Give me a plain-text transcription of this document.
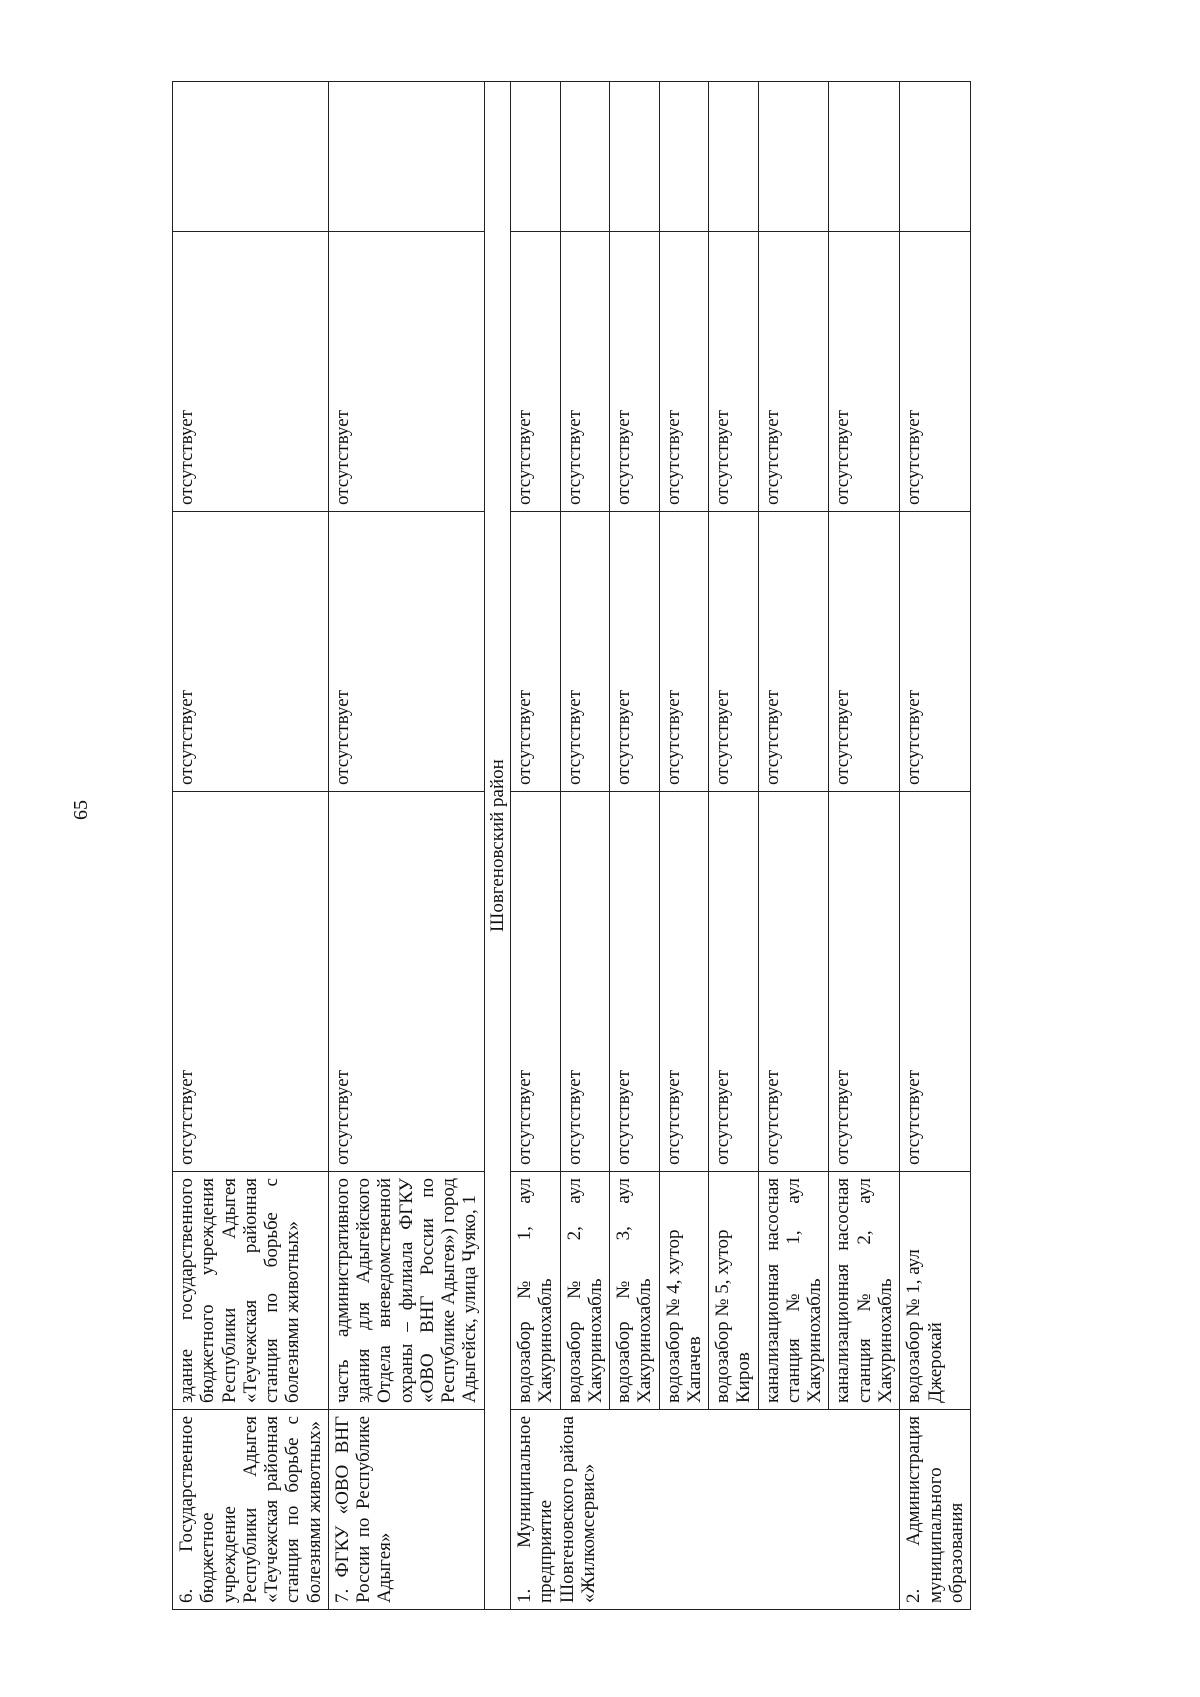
65
6. Государственное бюджетное учреждение Республики Адыгея «Теучежская районная станция по борьбе с болезнями животных»	здание государственного бюджетного учреждения Республики Адыгея «Теучежская районная станция по борьбе с болезнями животных»	отсутствует	отсутствует	отсутствует	
7. ФГКУ «ОВО ВНГ России по Республике Адыгея»	часть административного здания для Адыгейского Отдела вневедомственной охраны – филиала ФГКУ «ОВО ВНГ России по Республике Адыгея») город Адыгейск, улица Чуяко, 1	отсутствует	отсутствует	отсутствует	
Шовгеновский район					
1. Муниципальное предприятие Шовгеновского района «Жилкомсервис»	водозабор № 1, аул Хакуринохабль	отсутствует	отсутствует	отсутствует	
	водозабор № 2, аул Хакуринохабль	отсутствует	отсутствует	отсутствует	
	водозабор № 3, аул Хакуринохабль	отсутствует	отсутствует	отсутствует	
	водозабор № 4, хутор Хапачев	отсутствует	отсутствует	отсутствует	
	водозабор № 5, хутор Киров	отсутствует	отсутствует	отсутствует	
	канализационная насосная станция № 1, аул Хакуринохабль	отсутствует	отсутствует	отсутствует	
	канализационная насосная станция № 2, аул Хакуринохабль	отсутствует	отсутствует	отсутствует	
2. Администрация муниципального образования	водозабор № 1, аул Джерокай	отсутствует	отсутствует	отсутствует	
